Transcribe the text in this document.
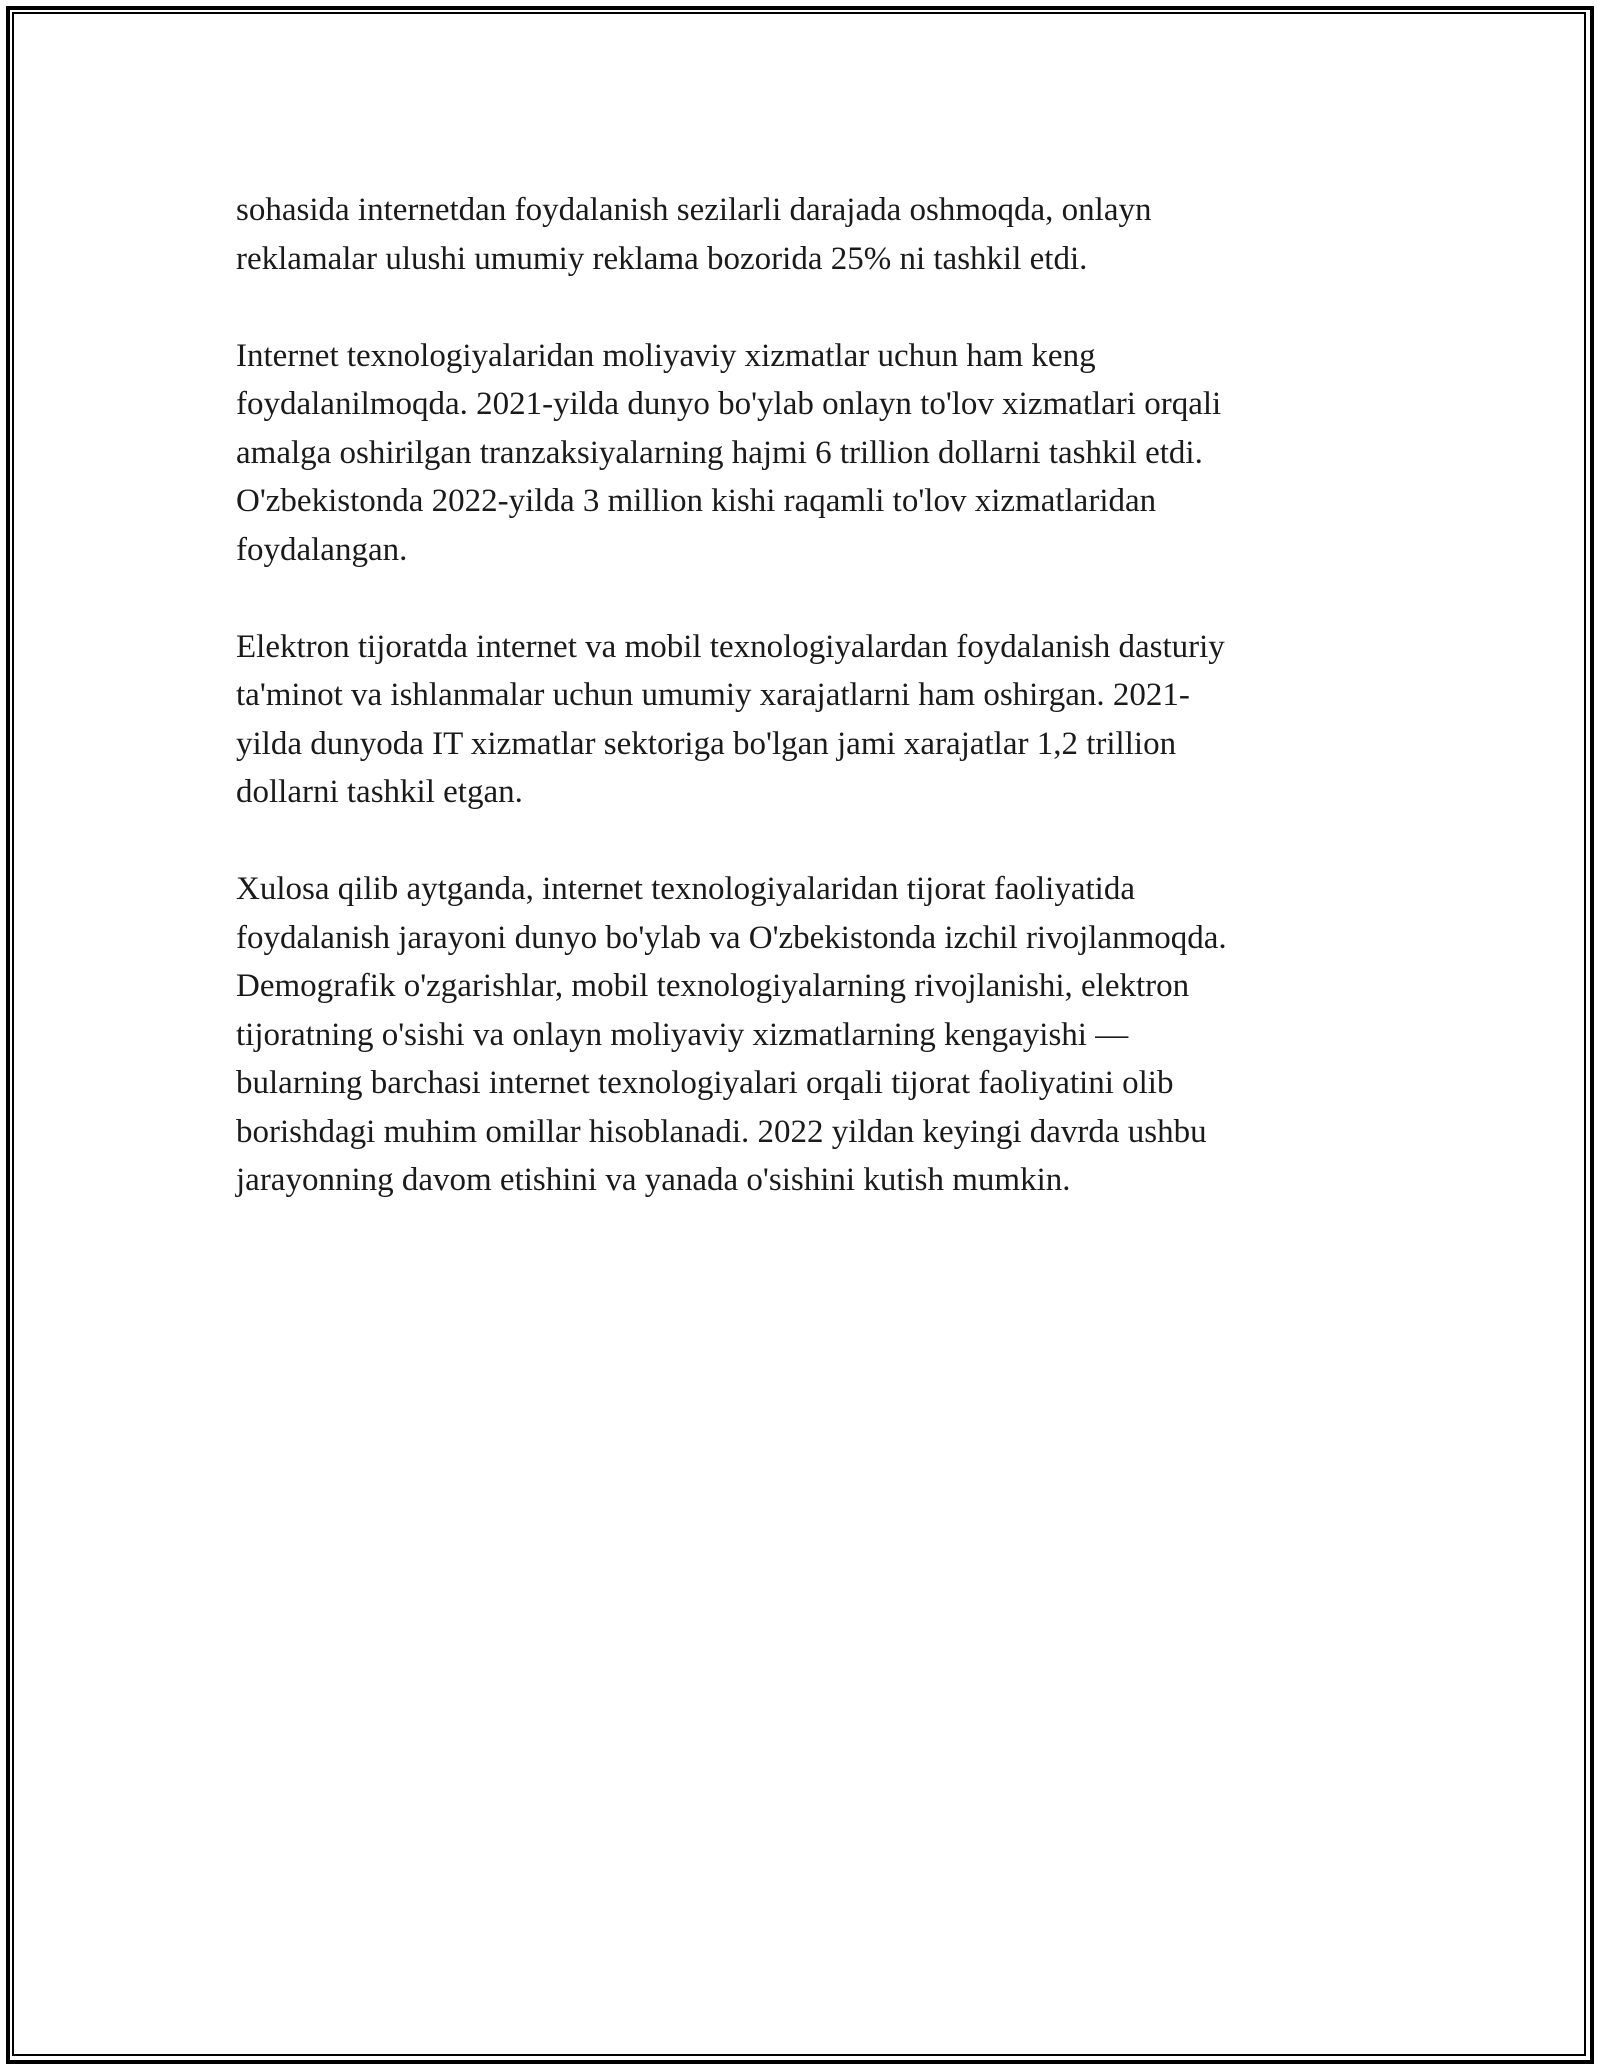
sohasida internetdan foydalanish sezilarli darajada oshmoqda, onlayn
reklamalar ulushi umumiy reklama bozorida 25% ni tashkil etdi.

Internet texnologiyalaridan moliyaviy xizmatlar uchun ham keng
foydalanilmoqda. 2021-yilda dunyo bo'ylab onlayn to'lov xizmatlari orqali
amalga oshirilgan tranzaksiyalarning hajmi 6 trillion dollarni tashkil etdi.
O'zbekistonda 2022-yilda 3 million kishi raqamli to'lov xizmatlaridan
foydalangan.

Elektron tijoratda internet va mobil texnologiyalardan foydalanish dasturiy
ta'minot va ishlanmalar uchun umumiy xarajatlarni ham oshirgan. 2021-
yilda dunyoda IT xizmatlar sektoriga bo'lgan jami xarajatlar 1,2 trillion
dollarni tashkil etgan.

Xulosa qilib aytganda, internet texnologiyalaridan tijorat faoliyatida
foydalanish jarayoni dunyo bo'ylab va O'zbekistonda izchil rivojlanmoqda.
Demografik o'zgarishlar, mobil texnologiyalarning rivojlanishi, elektron
tijoratning o'sishi va onlayn moliyaviy xizmatlarning kengayishi —
bularning barchasi internet texnologiyalari orqali tijorat faoliyatini olib
borishdagi muhim omillar hisoblanadi. 2022 yildan keyingi davrda ushbu
jarayonning davom etishini va yanada o'sishini kutish mumkin.
